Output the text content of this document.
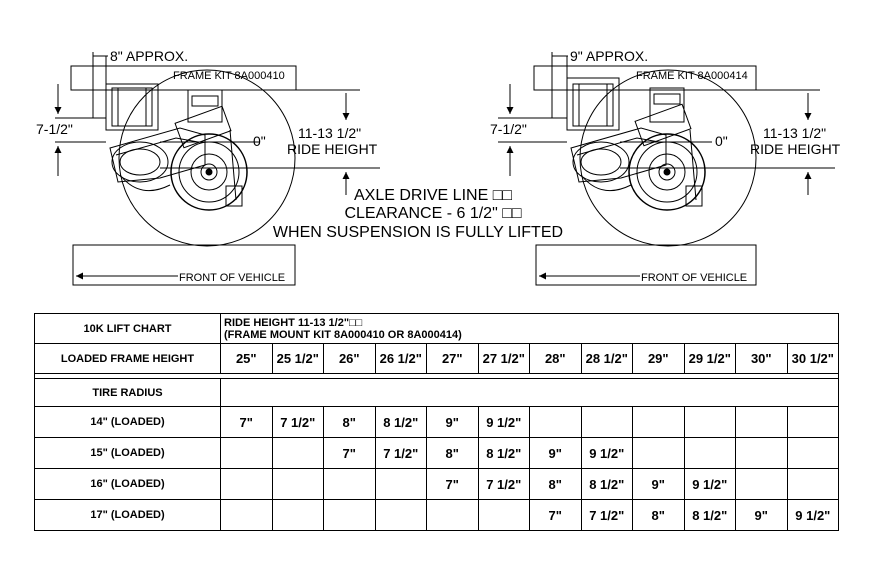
8" APPROX.
FRAME KIT 8A000410
7-1/2"
0" 11-13 1/2"
RIDE HEIGHT
FRONT OF VEHICLE
9" APPROX.
FRAME KIT 8A000414
7-1/2"
0"	11-13 1/2"
RIDE HEIGHT
FRONT OF VEHICLE
AXLE DRIVE LINE □□
CLEARANCE - 6 1/2" □□
WHEN SUSPENSION IS FULLY LIFTED
10K LIFT CHART	RIDE HEIGHT 11-13 1/2"□□
(FRAME MOUNT KIT 8A000410 OR 8A000414)											

LOADED FRAME HEIGHT	25"	25 1/2"	26"	26 1/2"	27"	27 1/2"	28"	28 1/2"	29"	29 1/2"	30"	30 1/2"

TIRE RADIUS												
14" (LOADED)	7"	7 1/2"	8"	8 1/2"	9"	9 1/2"						
15" (LOADED)			7"	7 1/2"	8"	8 1/2"	9"	9 1/2"				
16" (LOADED)					7"	7 1/2"	8"	8 1/2"	9"	9 1/2"		
17" (LOADED)							7"	7 1/2"	8"	8 1/2"	9"	9 1/2"
